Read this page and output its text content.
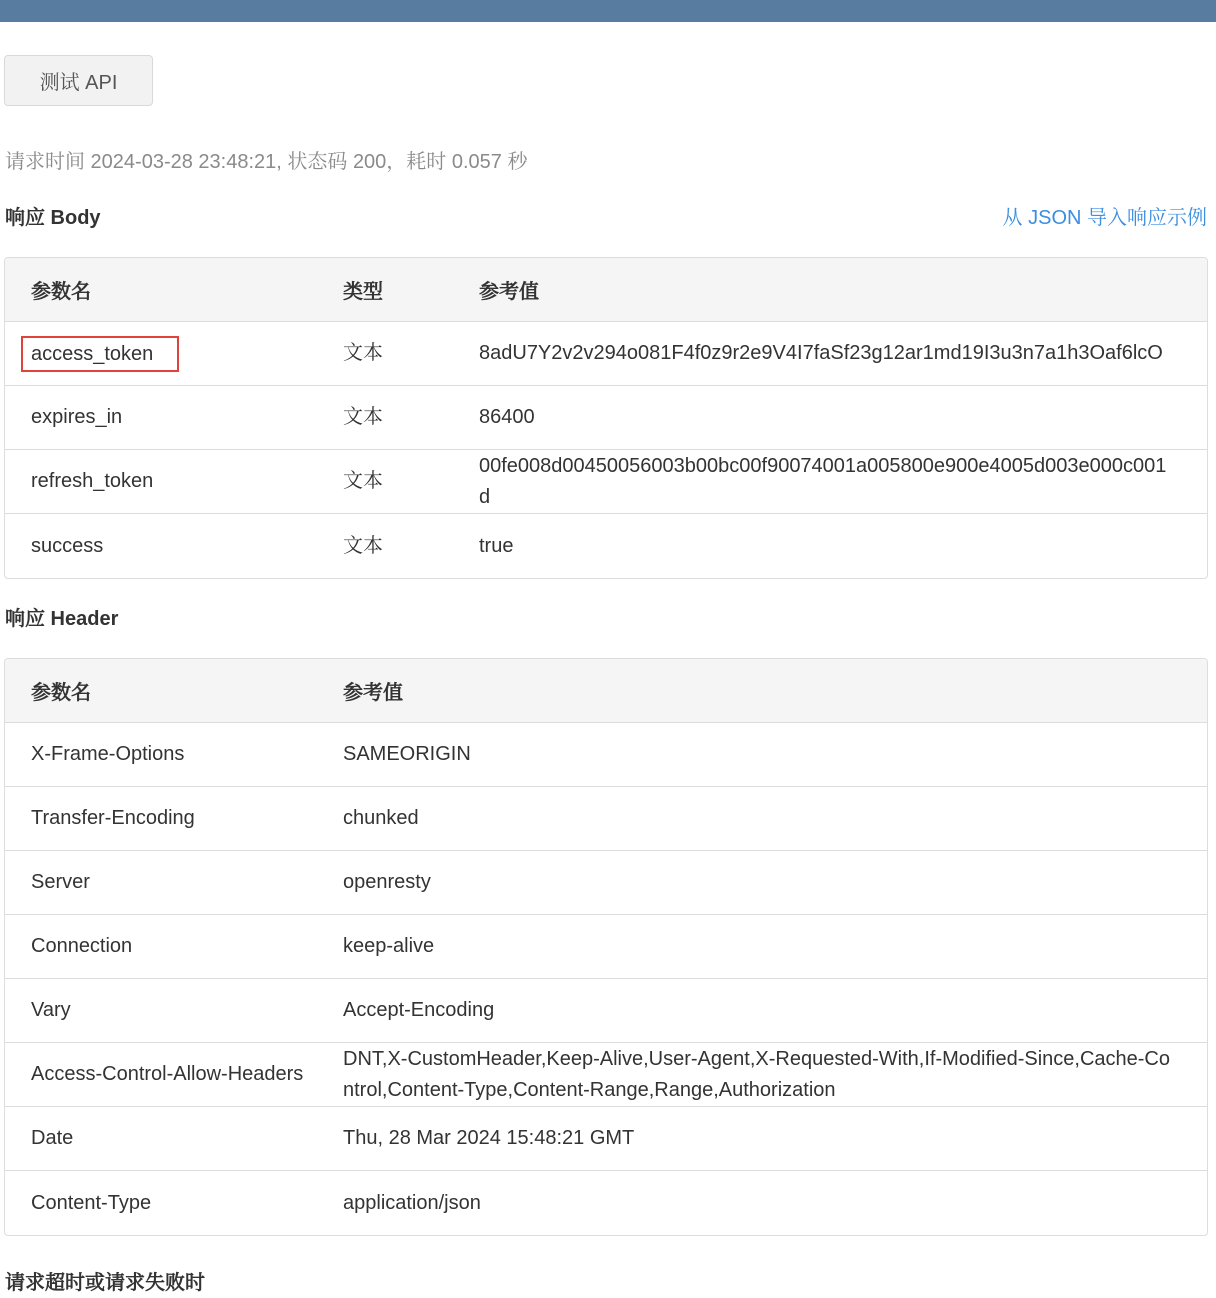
测试 API
请求时间 2024-03-28 23:48:21, 状态码 200，耗时 0.057 秒
响应 Body	从 JSON 导入响应示例
参数名	类型	参考值
access_token	文本	8adU7Y2v2v294o081F4f0z9r2e9V4I7faSf23g12ar1md19I3u3n7a1h3Oaf6lcO
expires_in	文本	86400
refresh_token	文本	00fe008d00450056003b00bc00f90074001a005800e900e4005d003e000c001d
success	文本	true
响应 Header
参数名	参考值
X-Frame-Options	SAMEORIGIN
Transfer-Encoding	chunked
Server	openresty
Connection	keep-alive
Vary	Accept-Encoding
Access-Control-Allow-Headers	DNT,X-CustomHeader,Keep-Alive,User-Agent,X-Requested-With,If-Modified-Since,Cache-Control,Content-Type,Content-Range,Range,Authorization
Date	Thu, 28 Mar 2024 15:48:21 GMT
Content-Type	application/json
请求超时或请求失败时
